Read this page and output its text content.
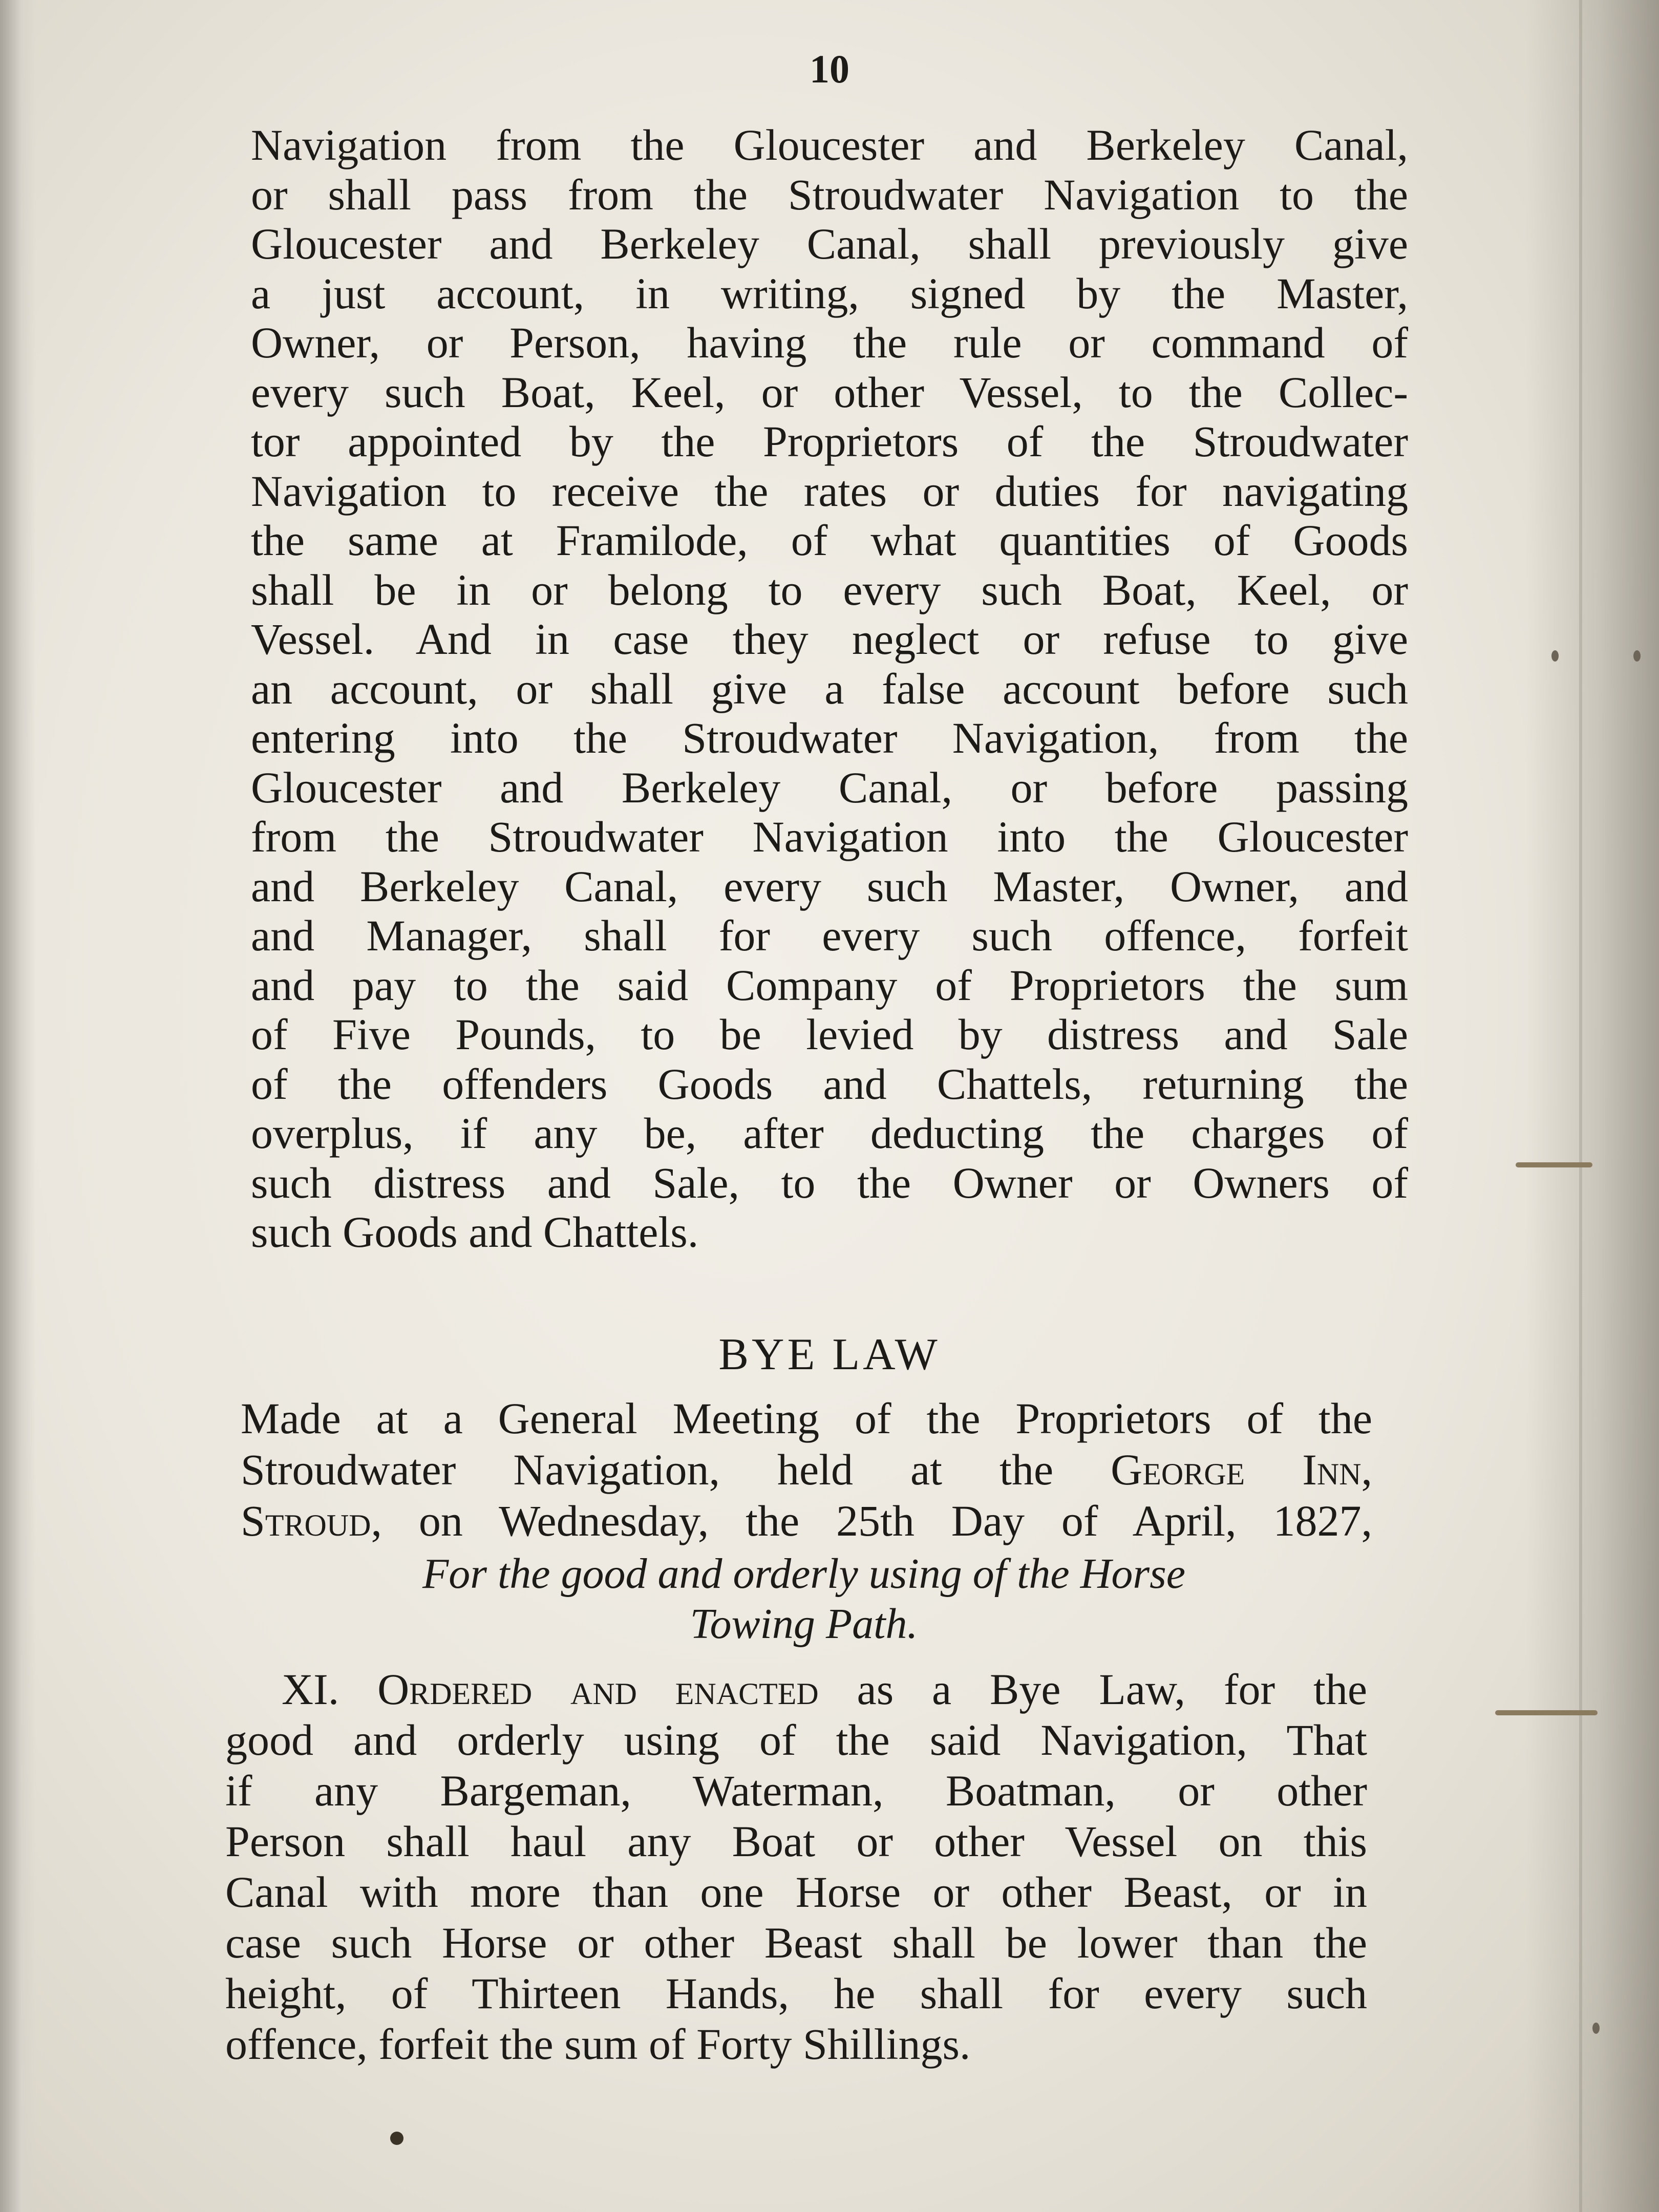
10
Navigation from the Gloucester and Berkeley Canal,
or shall pass from the Stroudwater Navigation to the
Gloucester and Berkeley Canal, shall previously give
a just account, in writing, signed by the Master,
Owner, or Person, having the rule or command of
every such Boat, Keel, or other Vessel, to the Collec-
tor appointed by the Proprietors of the Stroudwater
Navigation to receive the rates or duties for navigating
the same at Framilode, of what quantities of Goods
shall be in or belong to every such Boat, Keel, or
Vessel. And in case they neglect or refuse to give
an account, or shall give a false account before such
entering into the Stroudwater Navigation, from the
Gloucester and Berkeley Canal, or before passing
from the Stroudwater Navigation into the Gloucester
and Berkeley Canal, every such Master, Owner, and
and Manager, shall for every such offence, forfeit
and pay to the said Company of Proprietors the sum
of Five Pounds, to be levied by distress and Sale
of the offenders Goods and Chattels, returning the
overplus, if any be, after deducting the charges of
such distress and Sale, to the Owner or Owners of
such Goods and Chattels.
BYE LAW
Made at a General Meeting of the Proprietors of the
Stroudwater Navigation, held at the George Inn,
Stroud, on Wednesday, the 25th Day of April, 1827,
For the good and orderly using of the Horse
Towing Path.
XI. Ordered and enacted as a Bye Law, for the
good and orderly using of the said Navigation, That
if any Bargeman, Waterman, Boatman, or other
Person shall haul any Boat or other Vessel on this
Canal with more than one Horse or other Beast, or in
case such Horse or other Beast shall be lower than the
height, of Thirteen Hands, he shall for every such
offence, forfeit the sum of Forty Shillings.
